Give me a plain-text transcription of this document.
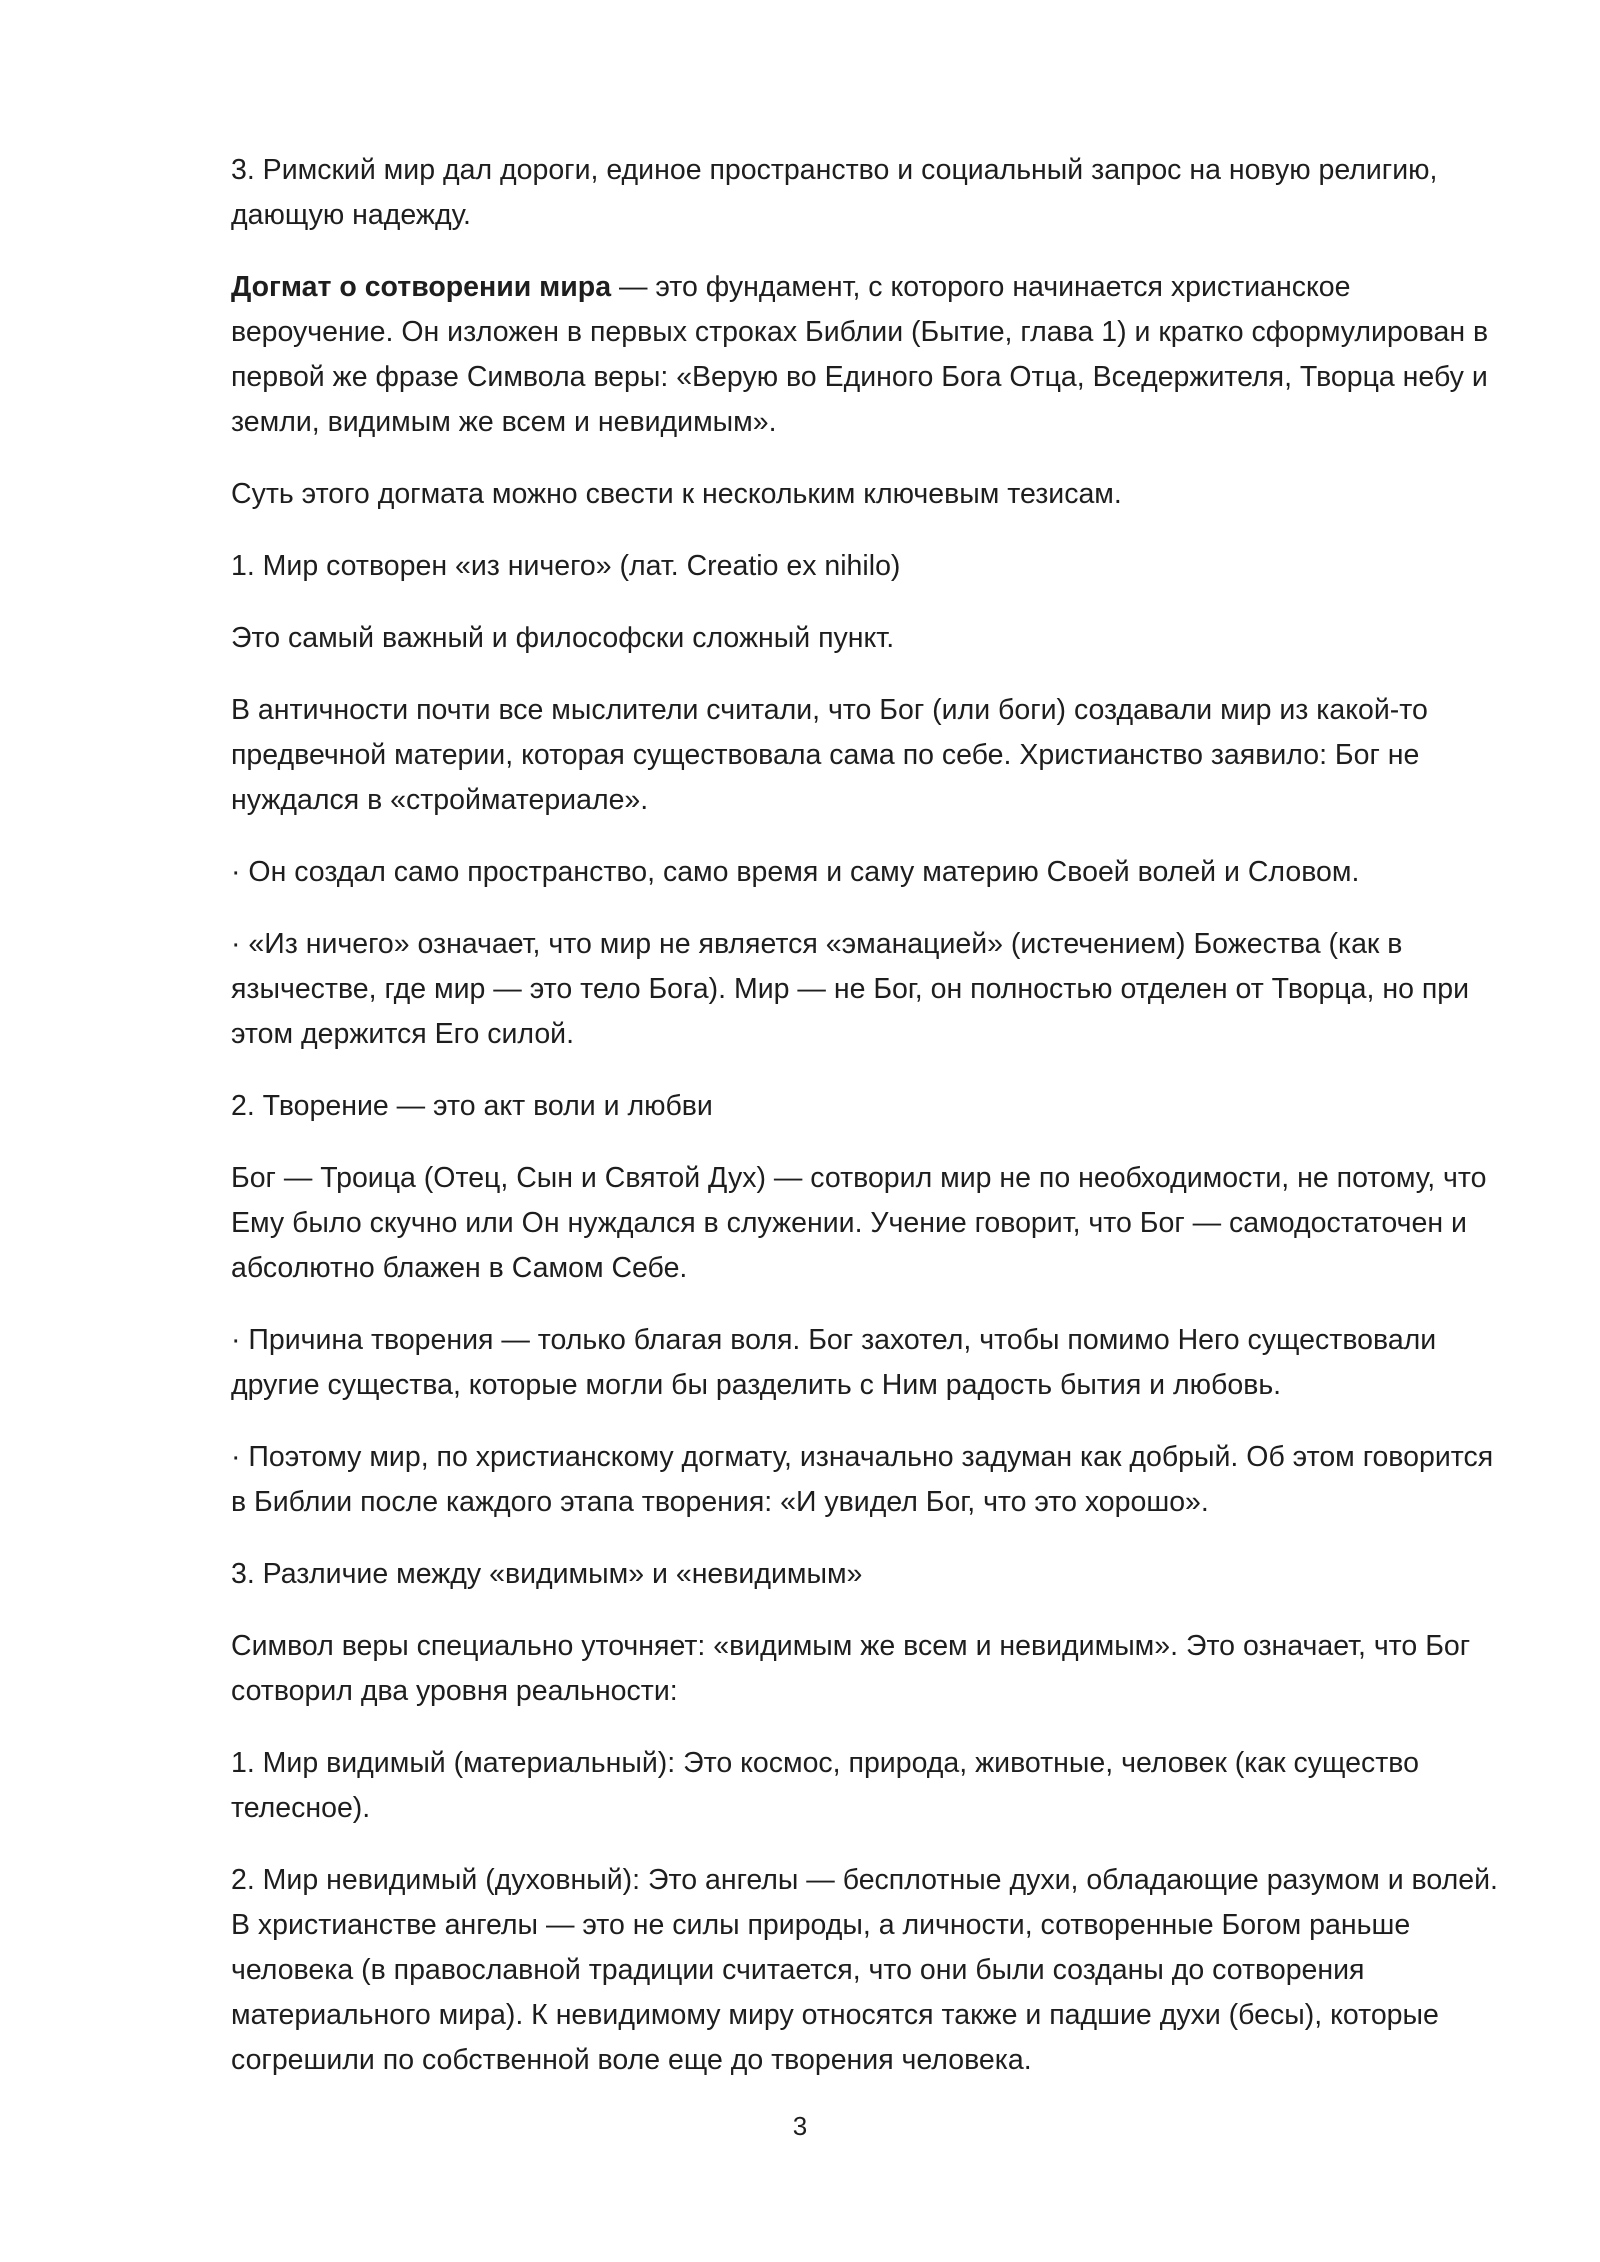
3. Римский мир дал дороги, единое пространство и социальный запрос на новую религию, дающую надежду.

Догмат о сотворении мира — это фундамент, с которого начинается христианское вероучение. Он изложен в первых строках Библии (Бытие, глава 1) и кратко сформулирован в первой же фразе Символа веры: «Верую во Единого Бога Отца, Вседержителя, Творца небу и земли, видимым же всем и невидимым».

Суть этого догмата можно свести к нескольким ключевым тезисам.

1. Мир сотворен «из ничего» (лат. Creatio ex nihilo)

Это самый важный и философски сложный пункт.

В античности почти все мыслители считали, что Бог (или боги) создавали мир из какой-то предвечной материи, которая существовала сама по себе. Христианство заявило: Бог не нуждался в «стройматериале».

· Он создал само пространство, само время и саму материю Своей волей и Словом.

· «Из ничего» означает, что мир не является «эманацией» (истечением) Божества (как в язычестве, где мир — это тело Бога). Мир — не Бог, он полностью отделен от Творца, но при этом держится Его силой.

2. Творение — это акт воли и любви

Бог — Троица (Отец, Сын и Святой Дух) — сотворил мир не по необходимости, не потому, что Ему было скучно или Он нуждался в служении. Учение говорит, что Бог — самодостаточен и абсолютно блажен в Самом Себе.

· Причина творения — только благая воля. Бог захотел, чтобы помимо Него существовали другие существа, которые могли бы разделить с Ним радость бытия и любовь.

· Поэтому мир, по христианскому догмату, изначально задуман как добрый. Об этом говорится в Библии после каждого этапа творения: «И увидел Бог, что это хорошо».

3. Различие между «видимым» и «невидимым»

Символ веры специально уточняет: «видимым же всем и невидимым». Это означает, что Бог сотворил два уровня реальности:

1. Мир видимый (материальный): Это космос, природа, животные, человек (как существо телесное).

2. Мир невидимый (духовный): Это ангелы — бесплотные духи, обладающие разумом и волей. В христианстве ангелы — это не силы природы, а личности, сотворенные Богом раньше человека (в православной традиции считается, что они были созданы до сотворения материального мира). К невидимому миру относятся также и падшие духи (бесы), которые согрешили по собственной воле еще до творения человека.

3
